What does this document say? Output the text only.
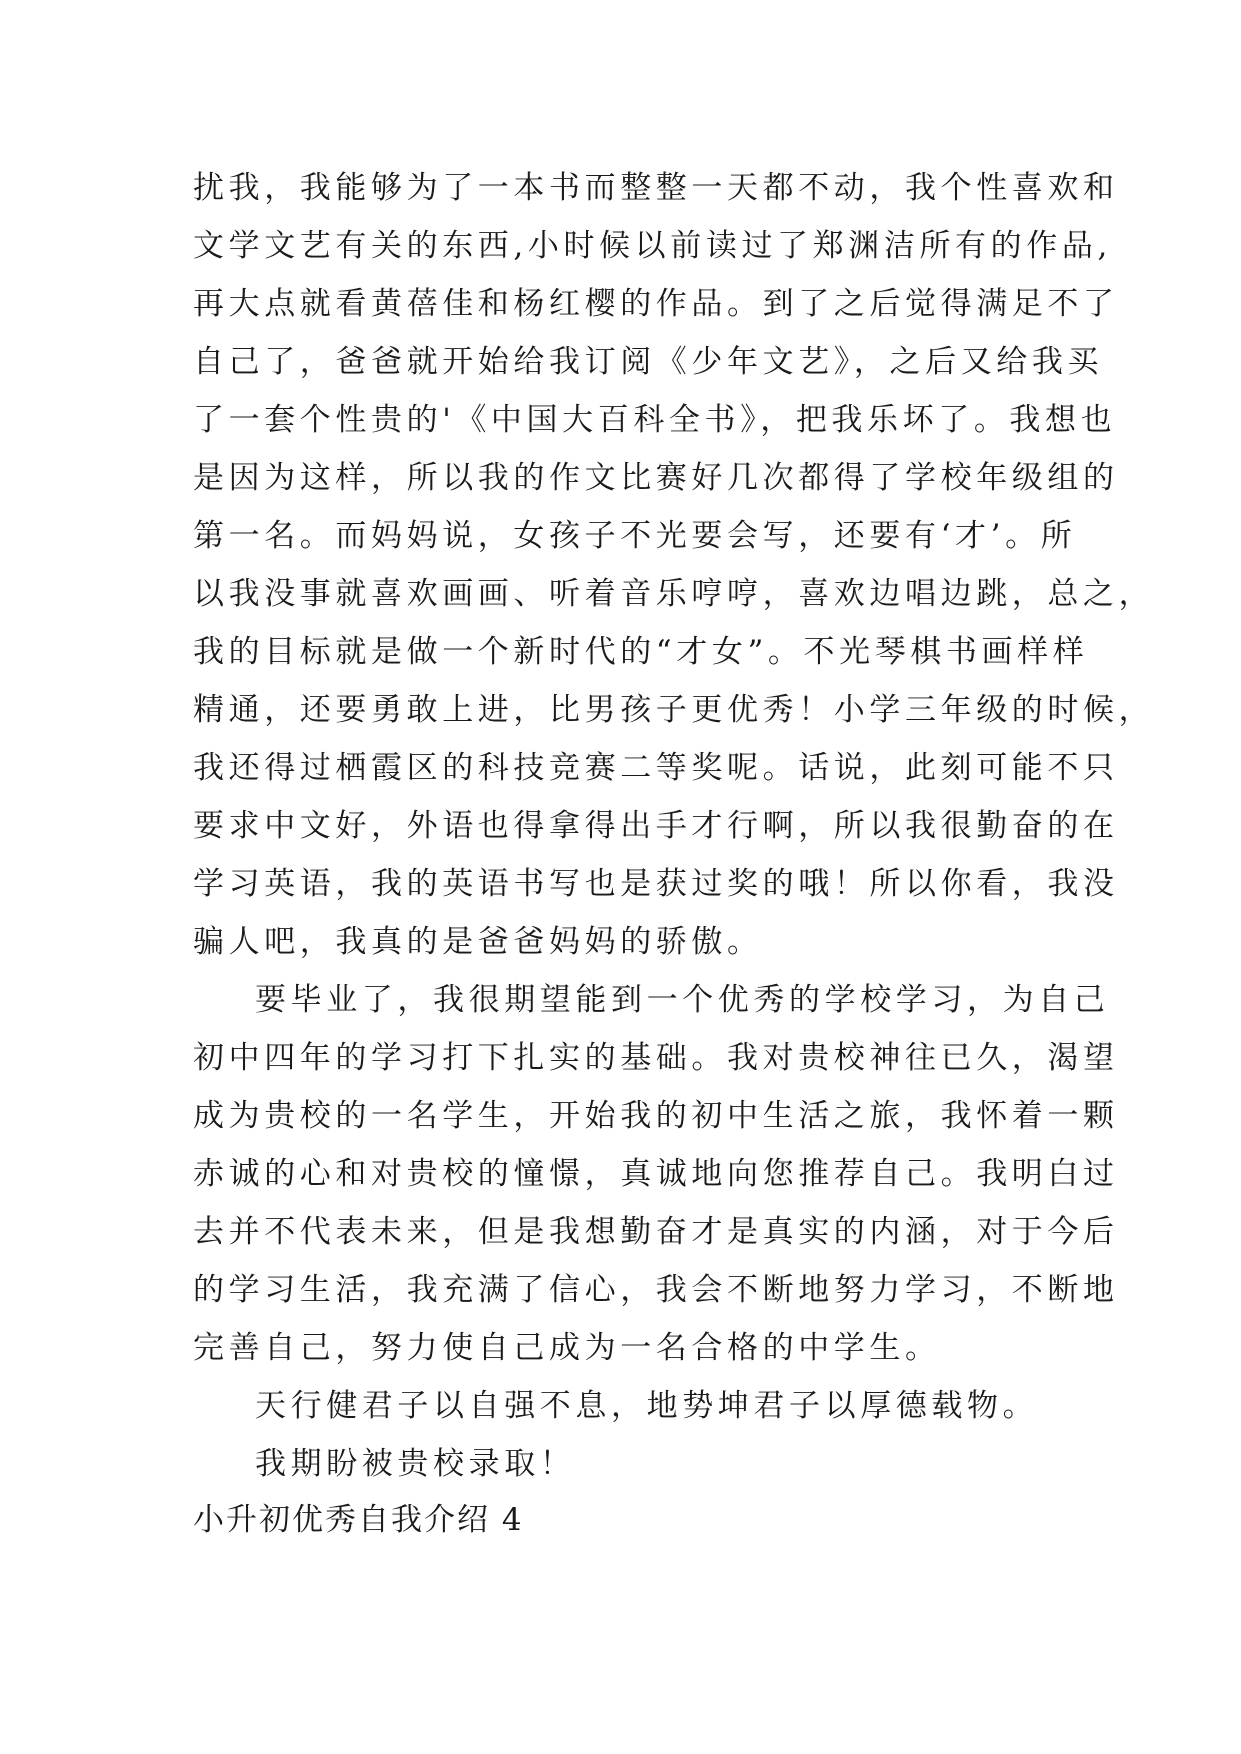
扰我，我能够为了一本书而整整一天都不动，我个性喜欢和
文学文艺有关的东西,小时候以前读过了郑渊洁所有的作品,
再大点就看黄蓓佳和杨红樱的作品。到了之后觉得满足不了
自己了，爸爸就开始给我订阅《少年文艺》，之后又给我买
了一套个性贵的'《中国大百科全书》，把我乐坏了。我想也
是因为这样，所以我的作文比赛好几次都得了学校年级组的
第一名。而妈妈说，女孩子不光要会写，还要有‘才’。所
以我没事就喜欢画画、听着音乐哼哼，喜欢边唱边跳，总之，
我的目标就是做一个新时代的“才女”。不光琴棋书画样样
精通，还要勇敢上进，比男孩子更优秀！小学三年级的时候，
我还得过栖霞区的科技竞赛二等奖呢。话说，此刻可能不只
要求中文好，外语也得拿得出手才行啊，所以我很勤奋的在
学习英语，我的英语书写也是获过奖的哦！所以你看，我没
骗人吧，我真的是爸爸妈妈的骄傲。
要毕业了，我很期望能到一个优秀的学校学习，为自己
初中四年的学习打下扎实的基础。我对贵校神往已久，渴望
成为贵校的一名学生，开始我的初中生活之旅，我怀着一颗
赤诚的心和对贵校的憧憬，真诚地向您推荐自己。我明白过
去并不代表未来，但是我想勤奋才是真实的内涵，对于今后
的学习生活，我充满了信心，我会不断地努力学习，不断地
完善自己，努力使自己成为一名合格的中学生。
天行健君子以自强不息，地势坤君子以厚德载物。
我期盼被贵校录取！
小升初优秀自我介绍 4
